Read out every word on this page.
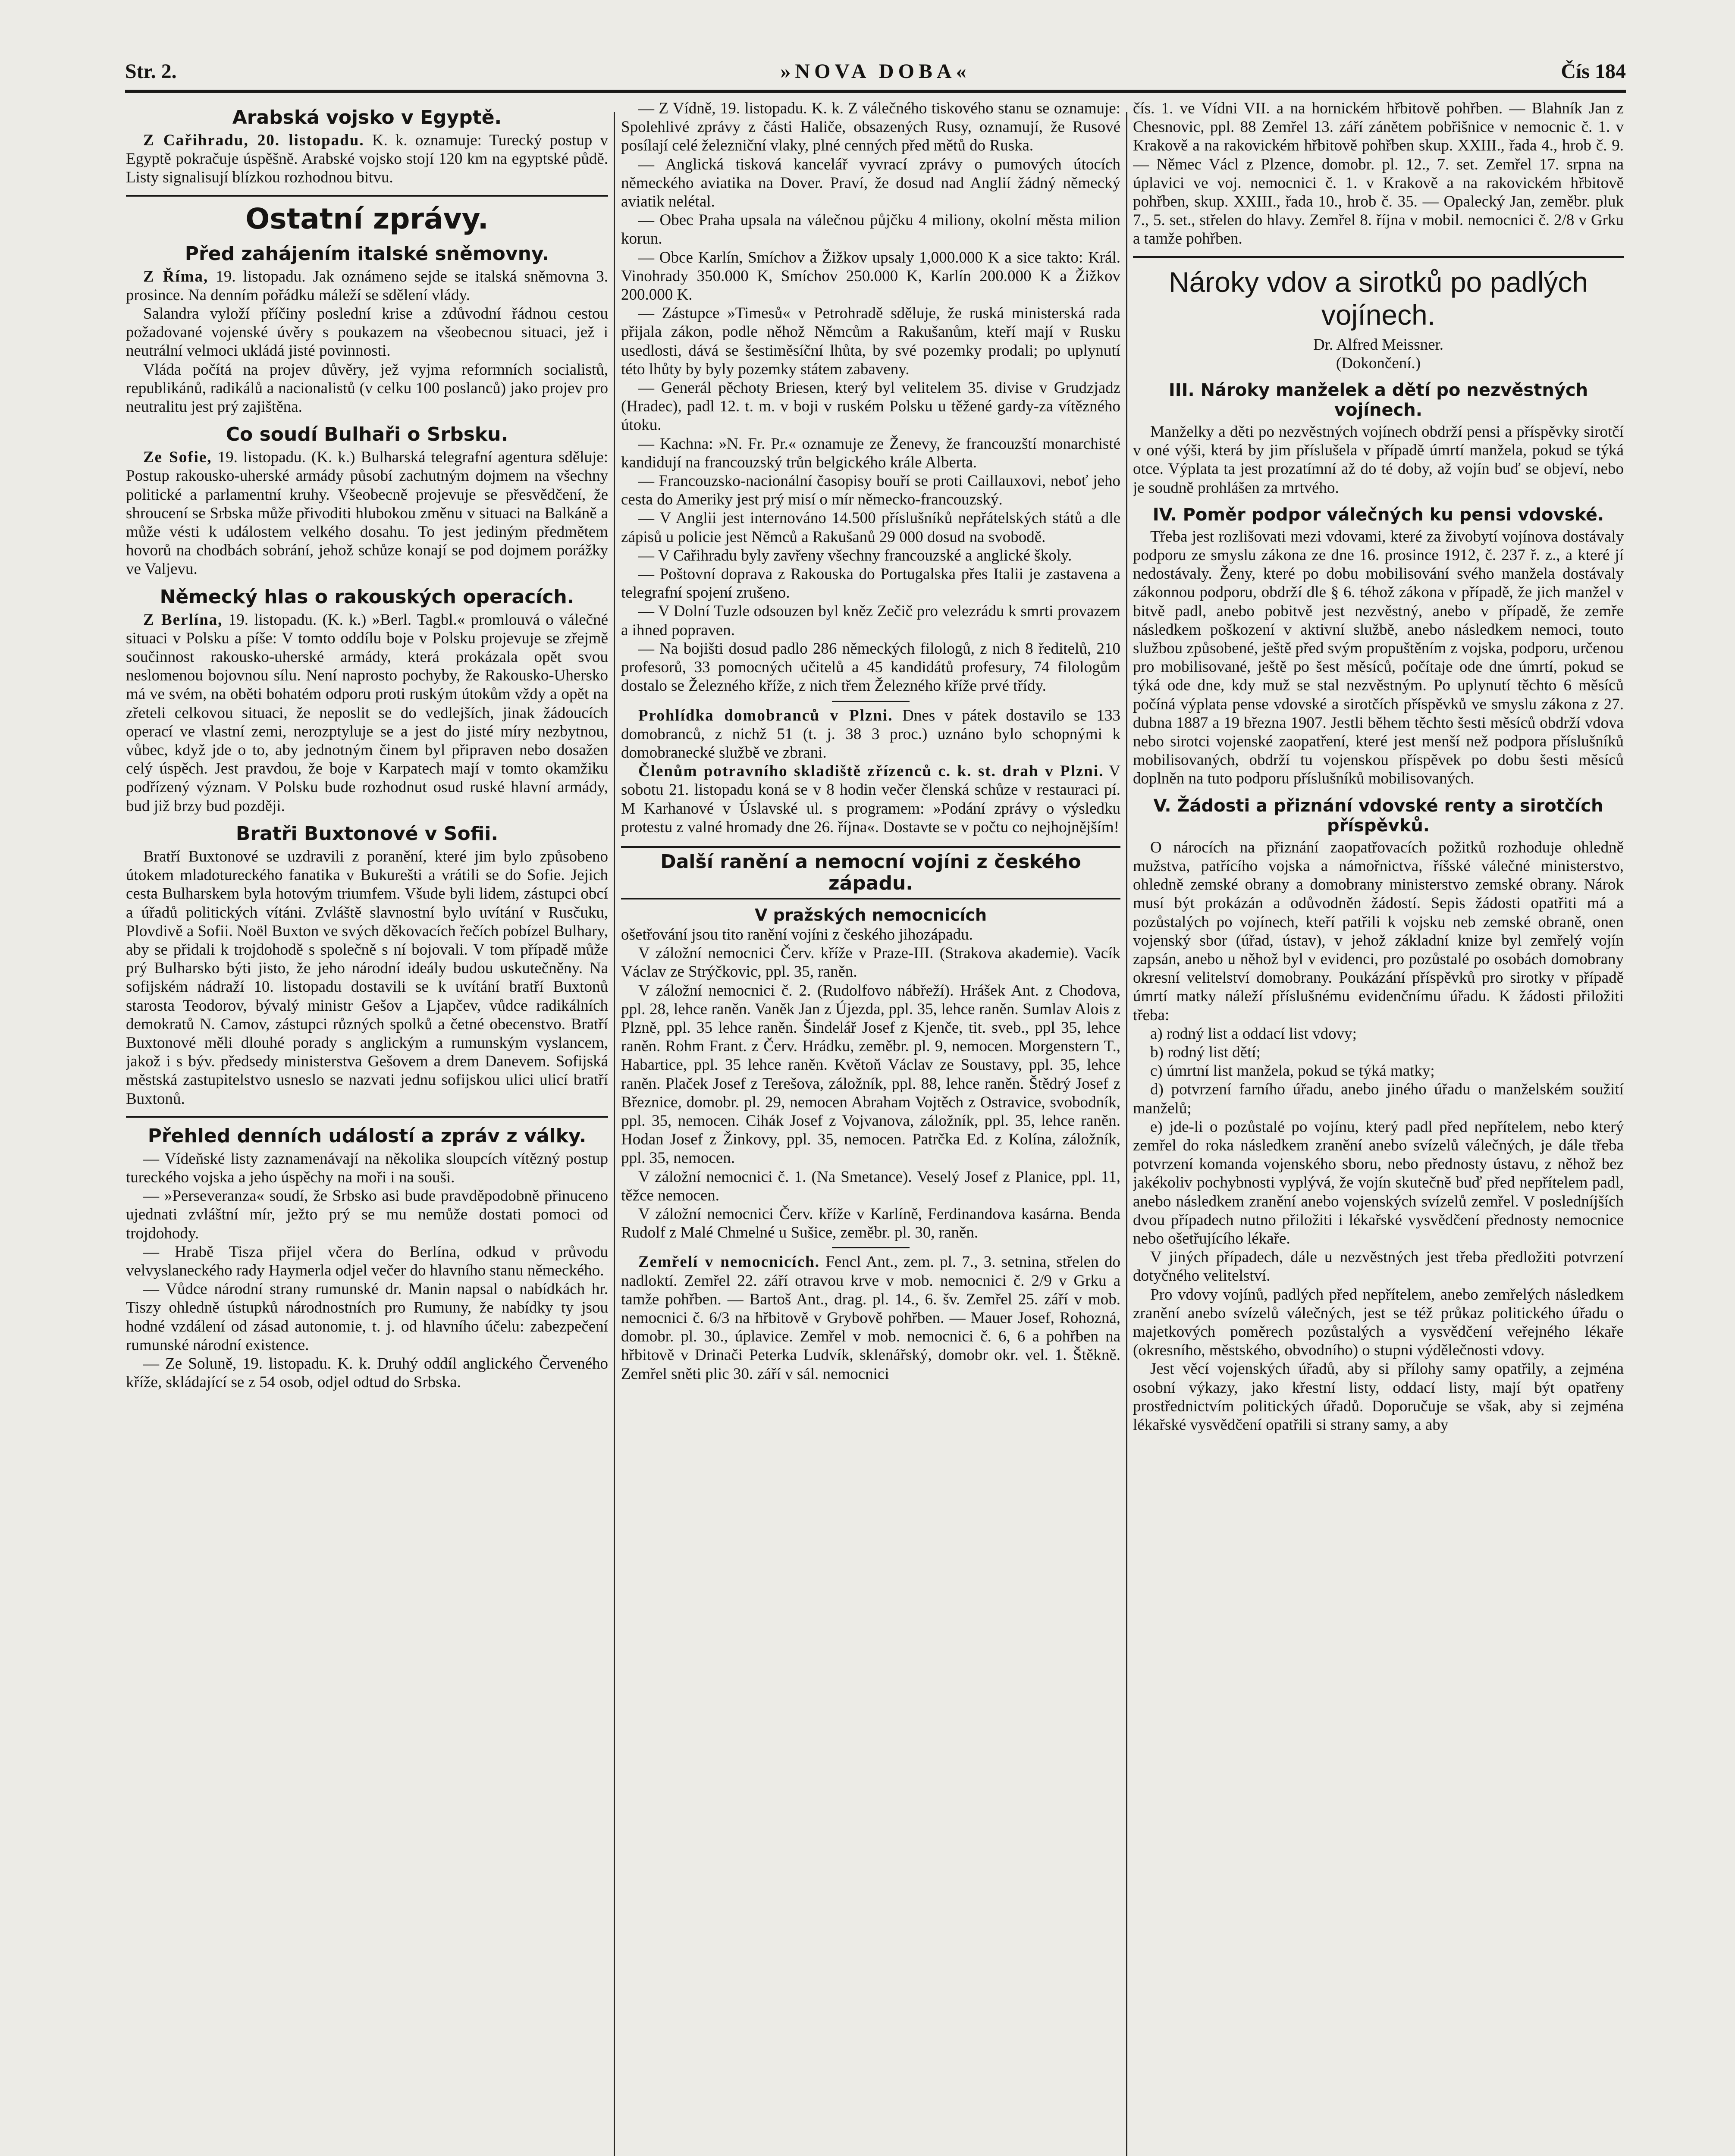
Str. 2.	»NOVA DOBA«	Čís 184
Arabská vojsko v Egyptě.

Z Cařihradu, 20. listopadu. K. k. oznamuje: Turecký postup v Egyptě pokračuje úspěšně. Arabské vojsko stojí 120 km na egyptské půdě. Listy signalisují blízkou rozhodnou bitvu.

Ostatní zprávy.
Před zahájením italské sněmovny.

Z Říma, 19. listopadu. Jak oznámeno sejde se italská sněmovna 3. prosince. Na denním pořádku máleží se sdělení vlády.

Salandra vyloží příčiny poslední krise a zdůvodní řádnou cestou požadované vojenské úvěry s poukazem na všeobecnou situaci, jež i neutrální velmoci ukládá jisté povinnosti.

Vláda počítá na projev důvěry, jež vyjma reformních socialistů, republikánů, radikálů a nacionalistů (v celku 100 poslanců) jako projev pro neutralitu jest prý zajištěna.

Co soudí Bulhaři o Srbsku.

Ze Sofie, 19. listopadu. (K. k.) Bulharská telegrafní agentura sděluje: Postup rakousko-uherské armády působí zachutným dojmem na všechny politické a parlamentní kruhy. Všeobecně projevuje se přesvědčení, že shroucení se Srbska může přivoditi hlubokou změnu v situaci na Balkáně a může vésti k událostem velkého dosahu. To jest jediným předmětem hovorů na chodbách sobrání, jehož schůze konají se pod dojmem porážky ve Valjevu.

Německý hlas o rakouských operacích.

Z Berlína, 19. listopadu. (K. k.) »Berl. Tagbl.« promlouvá o válečné situaci v Polsku a píše: V tomto oddílu boje v Polsku projevuje se zřejmě součinnost rakousko-uherské armády, která prokázala opět svou neslomenou bojovnou sílu. Není naprosto pochyby, že Rakousko-Uhersko má ve svém, na oběti bohatém odporu proti ruským útokům vždy a opět na zřeteli celkovou situaci, že neposlit se do vedlejších, jinak žádoucích operací ve vlastní zemi, nerozptylujе se a jest do jisté míry nezbytnou, vůbec, když jde o to, aby jednotným činem byl připraven nebo dosažen celý úspěch. Jest pravdou, že boje v Karpatech mají v tomto okamžiku podřízený význam. V Polsku bude rozhodnut osud ruské hlavní armády, bud již brzy bud později.

Bratři Buxtonové v Sofii.

Bratří Buxtonové se uzdravili z poranění, které jim bylo způsobeno útokem mladotureckého fanatika v Bukurešti a vrátili se do Sofie. Jejich cesta Bulharskem byla hotovým triumfem. Všude byli lidem, zástupci obcí a úřadů politických vítáni. Zvláště slavnostní bylo uvítání v Rusčuku, Plovdivě a Sofii. Noël Buxton ve svých děkovacích řečích pobízel Bulhary, aby se přidali k trojdohodě s společně s ní bojovali. V tom případě může prý Bulharsko býti jisto, že jeho národní ideály budou uskutečněny. Na sofijském nádraží 10. listopadu dostavili se k uvítání bratří Buxtonů starosta Teodorov, bývalý ministr Gešov a Ljapčev, vůdce radikálních demokratů N. Camov, zástupci různých spolků a četné obecenstvo. Bratří Buxtonové měli dlouhé porady s anglickým a rumunským vyslancem, jakož i s býv. předsedy ministerstva Gešovem a drem Danevem. Sofijská městská zastupitelstvo usneslo se nazvati jednu sofijskou ulici ulicí bratří Buxtonů.

Přehled denních událostí a zpráv z války.

— Vídeňské listy zaznamenávají na několika sloupcích vítězný postup tureckého vojska a jeho úspěchy na moři i na souši.

— »Perseveranza« soudí, že Srbsko asi bude pravděpodobně přinuceno ujednati zvláštní mír, ježto prý se mu nemůže dostati pomoci od trojdohody.

— Hrabě Tisza přijel včera do Berlína, odkud v průvodu velvyslaneckého rady Haymerla odjel večer do hlavního stanu německého.

— Vůdce národní strany rumunské dr. Manin napsal o nabídkách hr. Tiszy ohledně ústupků národnostních pro Rumuny, že nabídky ty jsou hodné vzdálení od zásad autonomie, t. j. od hlavního účelu: zabezpečení rumunské národní existence.

— Ze Soluně, 19. listopadu. K. k. Druhý oddíl anglického Červeného kříže, skládající se z 54 osob, odjel odtud do Srbska.

— Z Vídně, 19. listopadu. K. k. Z válečného tiskového stanu se oznamuje: Spolehlivé zprávy z části Haliče, obsazených Rusy, oznamují, že Rusové posílají celé železniční vlaky, plné cenných před mětů do Ruska.

— Anglická tisková kancelář vyvrací zprávy o pumových útocích německého aviatika na Dover. Praví, že dosud nad Anglií žádný německý aviatik nelétal.

— Obec Praha upsala na válečnou půjčku 4 miliony, okolní města milion korun.

— Obce Karlín, Smíchov a Žižkov upsaly 1,000.000 K a sice takto: Král. Vinohrady 350.000 K, Smíchov 250.000 K, Karlín 200.000 K a Žižkov 200.000 K.

— Zástupce »Timesů« v Petrohradě sděluje, že ruská ministerská rada přijala zákon, podle něhož Němcům a Rakušanům, kteří mají v Rusku usedlosti, dává se šestiměsíční lhůta, by své pozemky prodali; po uplynutí této lhůty by byly pozemky státem zabaveny.

— Generál pěchoty Briesen, který byl velitelem 35. divise v Grudzjadz (Hradec), padl 12. t. m. v boji v ruském Polsku u těžené gardy-za vítězného útoku.

— Kachna: »N. Fr. Pr.« oznamuje ze Ženevy, že francouzští monarchisté kandidují na francouzský trůn belgického krále Alberta.

— Francouzsko-nacionální časopisy bouří se proti Caillauxovi, neboť jeho cesta do Ameriky jest prý misí o mír německo-francouzský.

— V Anglii jest internováno 14.500 příslušníků nepřátelských států a dle zápisů u policie jest Němců a Rakušanů 29 000 dosud na svobodě.

— V Cařihradu byly zavřeny všechny francouzské a anglické školy.

— Poštovní doprava z Rakouska do Portugalska přes Italii je zastavena a telegrafní spojení zrušeno.

— V Dolní Tuzle odsouzen byl kněz Zečič pro velezrádu k smrti provazem a ihned popraven.

— Na bojišti dosud padlo 286 německých filologů, z nich 8 ředitelů, 210 profesorů, 33 pomocných učitelů a 45 kandidátů profesury, 74 filologům dostalo se Železného kříže, z nich třem Železného kříže prvé třídy.

Prohlídka domobranců v Plzni. Dnes v pátek dostavilo se 133 domobranců, z nichž 51 (t. j. 38 3 proc.) uznáno bylo schopnými k domobranecké službě ve zbrani.

Členům potravního skladiště zřízenců c. k. st. drah v Plzni. V sobotu 21. listopadu koná se v 8 hodin večer členská schůze v restauraci pí. M Karhanové v Úslavské ul. s programem: »Podání zprávy o výsledku protestu z valné hromady dne 26. října«. Dostavte se v počtu co nejhojnějším!

Další ranění a nemocní vojíni z českého západu.
V pražských nemocnicích

ošetřování jsou tito ranění vojíni z českého jihozápadu.

V záložní nemocnici Červ. kříže v Praze-III. (Strakova akademie). Vacík Václav ze Strýčkovic, ppl. 35, raněn.

V záložní nemocnici č. 2. (Rudolfovo nábřeží). Hrášek Ant. z Chodova, ppl. 28, lehce raněn. Vaněk Jan z Újezda, ppl. 35, lehce raněn. Sumlav Alois z Plzně, ppl. 35 lehce raněn. Šindelář Josef z Kjenče, tit. sveb., ppl 35, lehce raněn. Rohm Frant. z Červ. Hrádku, zeměbr. pl. 9, nemocen. Morgenstern T., Habartice, ppl. 35 lehce raněn. Květoň Václav ze Soustavy, ppl. 35, lehce raněn. Plaček Josef z Terešova, záložník, ppl. 88, lehce raněn. Štědrý Josef z Březnice, domobr. pl. 29, nemocen Abraham Vojtěch z Ostravice, svobodník, ppl. 35, nemocen. Cihák Josef z Vojvanova, záložník, ppl. 35, lehce raněn. Hodan Josef z Žinkovy, ppl. 35, nemocen. Patrčka Ed. z Kolína, záložník, ppl. 35, nemocen.

V záložní nemocnici č. 1. (Na Smetance). Veselý Josef z Planice, ppl. 11, těžce nemocen.

V záložní nemocnici Červ. kříže v Karlíně, Ferdinandova kasárna. Benda Rudolf z Malé Chmelné u Sušice, zeměbr. pl. 30, raněn.

Zemřelí v nemocnicích. Fencl Ant., zem. pl. 7., 3. setnina, střelen do nadloktí. Zemřel 22. září otravou krve v mob. nemocnici č. 2/9 v Grku a tamže pohřben. — Bartoš Ant., drag. pl. 14., 6. šv. Zemřel 25. září v mob. nemocnici č. 6/3 na hřbitově v Grybově pohřben. — Mauer Josef, Rohozná, domobr. pl. 30., úplavice. Zemřel v mob. nemocnici č. 6, 6 a pohřben na hřbitově v Drinači Peterka Ludvík, sklenářský, domobr okr. vel. 1. Štěkně. Zemřel sněti plic 30. září v sál. nemocnici

čís. 1. ve Vídni VII. a na hornickém hřbitově pohřben. — Blahník Jan z Chesnovic, ppl. 88 Zemřel 13. září zánětem pobřišnice v nemocnic č. 1. v Krakově a na rakovickém hřbitově pohřben skup. XXIII., řada 4., hrob č. 9. — Němec Václ z Plzence, domobr. pl. 12., 7. set. Zemřel 17. srpna na úplavici ve voj. nemocnici č. 1. v Krakově a na rakovickém hřbitově pohřben, skup. XXIII., řada 10., hrob č. 35. — Opalecký Jan, zeměbr. pluk 7., 5. set., střelen do hlavy. Zemřel 8. října v mobil. nemocnici č. 2/8 v Grku a tamže pohřben.

Nároky vdov a sirotků po padlých vojínech.

Dr. Alfred Meissner.

(Dokončení.)

III. Nároky manželek a dětí po nezvěstných vojínech.

Manželky a děti po nezvěstných vojínech obdrží pensi a příspěvky sirotčí v oné výši, která by jim příslušela v případě úmrtí manžela, pokud se týká otce. Výplata ta jest prozatímní až do té doby, až vojín buď se objeví, nebo je soudně prohlášen za mrtvého.

IV. Poměr podpor válečných ku pensi vdovské.

Třeba jest rozlišovati mezi vdovami, které za živobytí vojínova dostávaly podporu ze smyslu zákona ze dne 16. prosince 1912, č. 237 ř. z., a které jí nedostávaly. Ženy, které po dobu mobilisování svého manžela dostávaly zákonnou podporu, obdrží dle § 6. téhož zákona v případě, že jich manžel v bitvě padl, anebo pobitvě jest nezvěstný, anebo v případě, že zemře následkem poškození v aktivní službě, anebo následkem nemoci, touto službou způsobené, ještě před svým propuštěním z vojska, podporu, určenou pro mobilisované, ještě po šest měsíců, počítaje ode dne úmrtí, pokud se týká ode dne, kdy muž se stal nezvěstným. Po uplynutí těchto 6 měsíců počíná výplata pense vdovské a sirotčích příspěvků ve smyslu zákona z 27. dubna 1887 a 19 března 1907. Jestli během těchto šesti měsíců obdrží vdova nebo sirotci vojenské zaopatření, které jest menší než podpora příslušníků mobilisovaných, obdrží tu vojenskou příspěvek po dobu šesti měsíců doplněn na tuto podporu příslušníků mobilisovaných.

V. Žádosti a přiznání vdovské renty a sirotčích příspěvků.

O nárocích na přiznání zaopatřovacích požitků rozhoduje ohledně mužstva, patřícího vojska a námořnictva, říšské válečné ministerstvo, ohledně zemské obrany a domobrany ministerstvo zemské obrany. Nárok musí být prokázán a odůvodněn žádostí. Sepis žádosti opatřiti má a pozůstalých po vojínech, kteří patřili k vojsku neb zemské obraně, onen vojenský sbor (úřad, ústav), v jehož základní knize byl zemřelý vojín zapsán, anebo u něhož byl v evidenci, pro pozůstalé po osobách domobrany okresní velitelství domobrany. Poukázání příspěvků pro sirotky v případě úmrtí matky náleží příslušnému evidenčnímu úřadu. K žádosti přiložiti třeba:

a) rodný list a oddací list vdovy;

b) rodný list dětí;

c) úmrtní list manžela, pokud se týká matky;

d) potvrzení farního úřadu, anebo jiného úřadu o manželském soužití manželů;

e) jde-li o pozůstalé po vojínu, který padl před nepřítelem, nebo který zemřel do roka následkem zranění anebo svízelů válečných, je dále třeba potvrzení komanda vojenského sboru, nebo přednosty ústavu, z něhož bez jakékoliv pochybnosti vyplývá, že vojín skutečně buď před nepřítelem padl, anebo následkem zranění anebo vojenských svízelů zemřel. V posledníjších dvou případech nutno přiložiti i lékařské vysvědčení přednosty nemocnice nebo ošetřujícího lékaře.

V jiných případech, dále u nezvěstných jest třeba předložiti potvrzení dotyčného velitelství.

Pro vdovy vojínů, padlých před nepřítelem, anebo zemřelých následkem zranění anebo svízelů válečných, jest se též průkaz politického úřadu o majetkových poměrech pozůstalých a vysvědčení veřejného lékaře (okresního, městského, obvodního) o stupni výdělečnosti vdovy.

Jest věcí vojenských úřadů, aby si přílohy samy opatřily, a zejména osobní výkazy, jako křestní listy, oddací listy, mají být opatřeny prostřednictvím politických úřadů. Doporučuje se však, aby si zejména lékařské vysvědčení opatřili si strany samy, a aby
